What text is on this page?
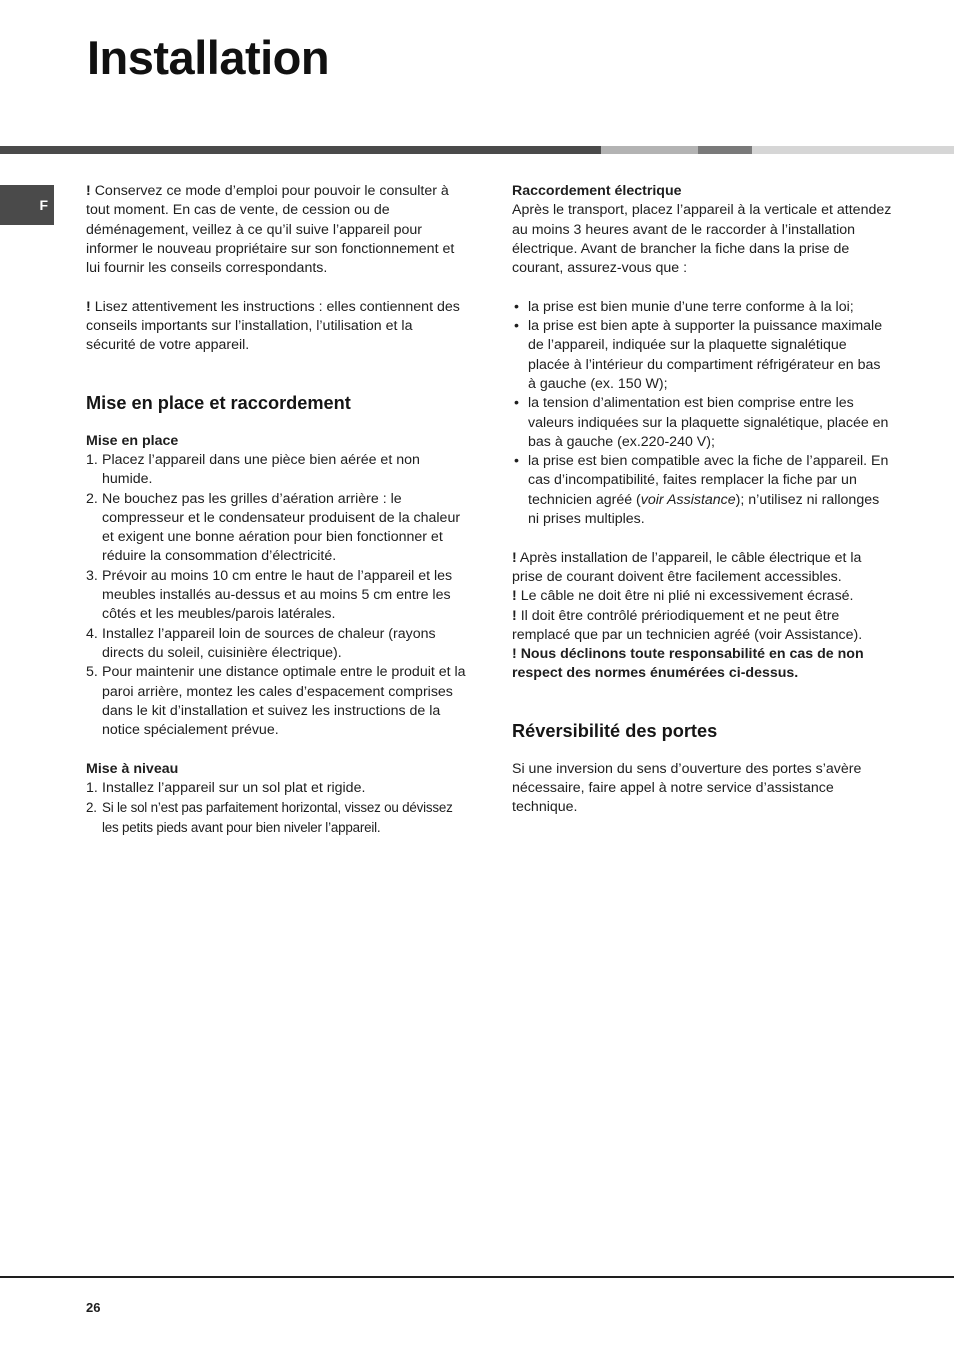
Installation
F

! Conservez ce mode d’emploi pour pouvoir le consulter à tout moment. En cas de vente, de cession ou de déménagement, veillez à ce qu’il suive l’appareil pour informer le nouveau propriétaire sur son fonctionnement et lui fournir les conseils correspondants.

! Lisez attentivement les instructions : elles contiennent des conseils importants sur l’installation, l’utilisation et la sécurité de votre appareil.

Mise en place et raccordement
Mise en place
1. Placez l’appareil dans une pièce bien aérée et non humide.
2. Ne bouchez pas les grilles d’aération arrière : le compresseur et le condensateur produisent de la chaleur et exigent une bonne aération pour bien fonctionner et réduire la consommation d’électricité.
3. Prévoir au moins 10 cm entre le haut de l’appareil et les meubles installés au-dessus et au moins 5 cm entre les côtés et les meubles/parois latérales.
4. Installez l’appareil loin de sources de chaleur (rayons directs du soleil, cuisinière électrique).
5. Pour maintenir une distance optimale entre le produit et la paroi arrière, montez les cales d’espacement comprises dans le kit d’installation et suivez les instructions de la notice spécialement prévue.
Mise à niveau
1. Installez l’appareil sur un sol plat et rigide.
2. Si le sol n’est pas parfaitement horizontal, vissez ou dévissez les petits pieds avant pour bien niveler l’appareil.
Raccordement électrique

Après le transport, placez l’appareil à la verticale et attendez au moins 3 heures avant de le raccorder à l’installation électrique. Avant de brancher la fiche dans la prise de courant, assurez-vous que :

• la prise est bien munie d’une terre conforme à la loi;
• la prise est bien apte à supporter la puissance maximale de l’appareil, indiquée sur la plaquette signalétique placée à l’intérieur du compartiment réfrigérateur en bas à gauche (ex. 150 W);
• la tension d’alimentation est bien comprise entre les valeurs indiquées sur la plaquette signalétique, placée en bas à gauche (ex.220-240 V);
• la prise est bien compatible avec la fiche de l’appareil. En cas d’incompatibilité, faites remplacer la fiche par un technicien agréé (voir Assistance); n’utilisez ni rallonges ni prises multiples.

! Après installation de l’appareil, le câble électrique et la prise de courant doivent être facilement accessibles.

! Le câble ne doit être ni plié ni excessivement écrasé.

! Il doit être contrôlé prériodiquement et ne peut être remplacé que par un technicien agréé (voir Assistance).

! Nous déclinons toute responsabilité en cas de non respect des normes énumérées ci-dessus.

Réversibilité des portes

Si une inversion du sens d’ouverture des portes s’avère nécessaire, faire appel à notre service d’assistance technique.

26
